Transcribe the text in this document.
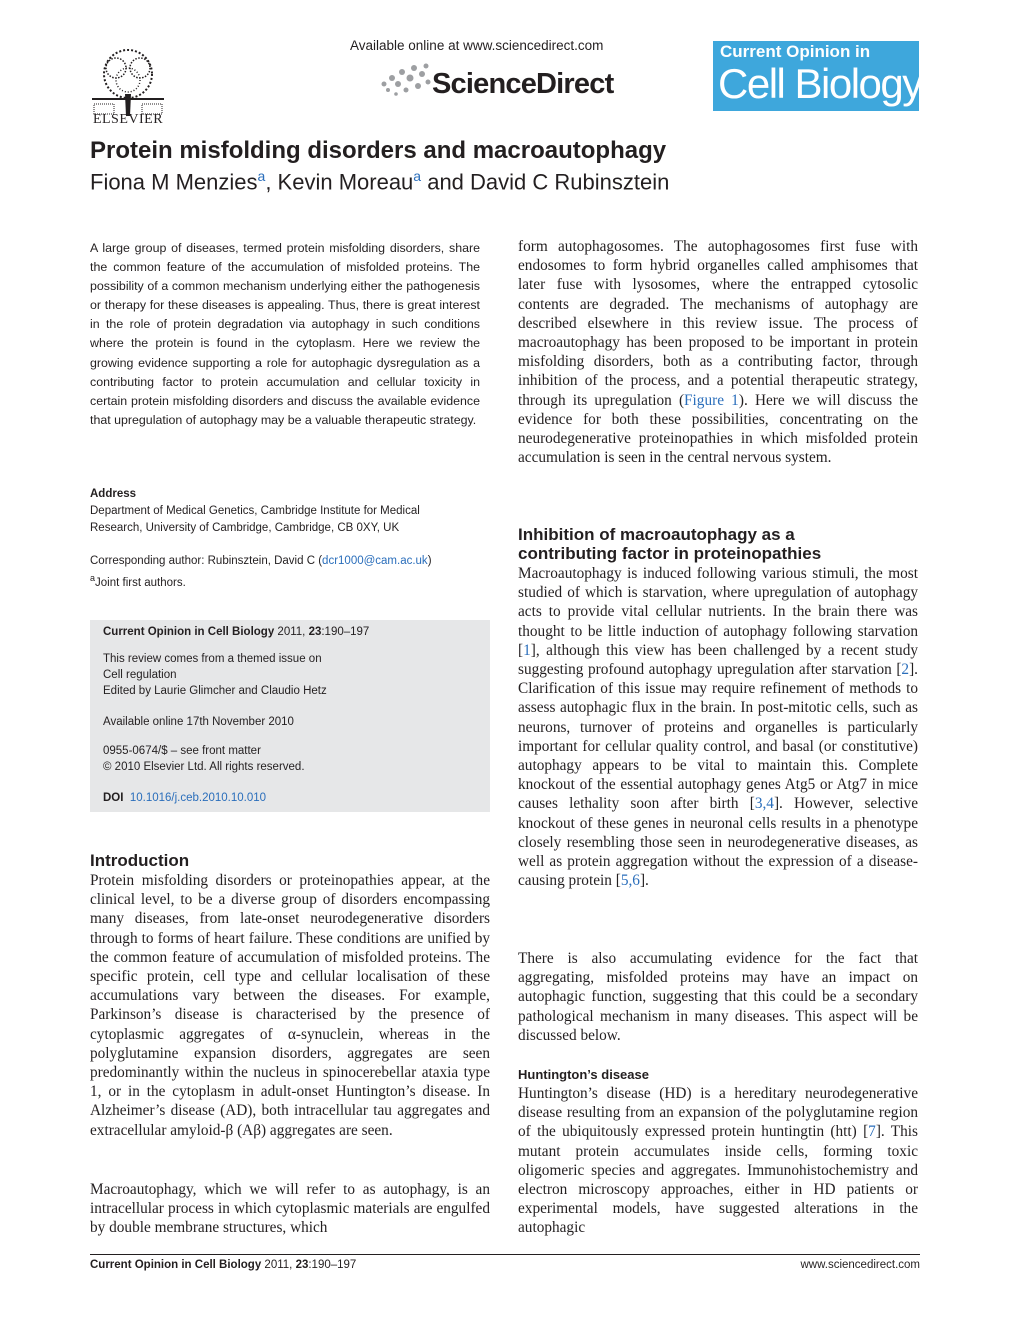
ELSEVIER
Available online at www.sciencedirect.com
ScienceDirect
Current Opinion in
Cell Biology
Protein misfolding disorders and macroautophagy
Fiona M Menzies$^a$, Kevin Moreau$^a$ and David C Rubinsztein
A large group of diseases, termed protein misfolding disorders, share the common feature of the accumulation of misfolded proteins. The possibility of a common mechanism underlying either the pathogenesis or therapy for these diseases is appealing. Thus, there is great interest in the role of protein degradation via autophagy in such conditions where the protein is found in the cytoplasm. Here we review the growing evidence supporting a role for autophagic dysregulation as a contributing factor to protein accumulation and cellular toxicity in certain protein misfolding disorders and discuss the available evidence that upregulation of autophagy may be a valuable therapeutic strategy.
Address
Department of Medical Genetics, Cambridge Institute for Medical
Research, University of Cambridge, Cambridge, CB 0XY, UK
Corresponding author: Rubinsztein, David C (dcr1000@cam.ac.uk)
$^a$Joint first authors.
Current Opinion in Cell Biology 2011, 23:190–197
This review comes from a themed issue on
Cell regulation
Edited by Laurie Glimcher and Claudio Hetz
Available online 17th November 2010
0955-0674/$ – see front matter
© 2010 Elsevier Ltd. All rights reserved.
DOI 10.1016/j.ceb.2010.10.010
Introduction
Protein misfolding disorders or proteinopathies appear, at the clinical level, to be a diverse group of disorders encompassing many diseases, from late-onset neurodegenerative disorders through to forms of heart failure. These conditions are unified by the common feature of accumulation of misfolded proteins. The specific protein, cell type and cellular localisation of these accumulations vary between the diseases. For example, Parkinson’s disease is characterised by the presence of cytoplasmic aggregates of α-synuclein, whereas in the polyglutamine expansion disorders, aggregates are seen predominantly within the nucleus in spinocerebellar ataxia type 1, or in the cytoplasm in adult-onset Huntington’s disease. In Alzheimer’s disease (AD), both intracellular tau aggregates and extracellular amyloid-β (Aβ) aggregates are seen.
Macroautophagy, which we will refer to as autophagy, is an intracellular process in which cytoplasmic materials are engulfed by double membrane structures, which
form autophagosomes. The autophagosomes first fuse with endosomes to form hybrid organelles called amphisomes that later fuse with lysosomes, where the entrapped cytosolic contents are degraded. The mechanisms of autophagy are described elsewhere in this review issue. The process of macroautophagy has been proposed to be important in protein misfolding disorders, both as a contributing factor, through inhibition of the process, and a potential therapeutic strategy, through its upregulation (Figure 1). Here we will discuss the evidence for both these possibilities, concentrating on the neurodegenerative proteinopathies in which misfolded protein accumulation is seen in the central nervous system.
Inhibition of macroautophagy as a
contributing factor in proteinopathies
Macroautophagy is induced following various stimuli, the most studied of which is starvation, where upregulation of autophagy acts to provide vital cellular nutrients. In the brain there was thought to be little induction of autophagy following starvation [1], although this view has been challenged by a recent study suggesting profound autophagy upregulation after starvation [2]. Clarification of this issue may require refinement of methods to assess autophagic flux in the brain. In post-mitotic cells, such as neurons, turnover of proteins and organelles is particularly important for cellular quality control, and basal (or constitutive) autophagy appears to be vital to maintain this. Complete knockout of the essential autophagy genes Atg5 or Atg7 in mice causes lethality soon after birth [3,4]. However, selective knockout of these genes in neuronal cells results in a phenotype closely resembling those seen in neurodegenerative diseases, as well as protein aggregation without the expression of a disease-causing protein [5,6].
There is also accumulating evidence for the fact that aggregating, misfolded proteins may have an impact on autophagic function, suggesting that this could be a secondary pathological mechanism in many diseases. This aspect will be discussed below.
Huntington’s disease
Huntington’s disease (HD) is a hereditary neurodegenerative disease resulting from an expansion of the polyglutamine region of the ubiquitously expressed protein huntingtin (htt) [7]. This mutant protein accumulates inside cells, forming toxic oligomeric species and aggregates. Immunohistochemistry and electron microscopy approaches, either in HD patients or experimental models, have suggested alterations in the autophagic
Current Opinion in Cell Biology 2011, 23:190–197	www.sciencedirect.com
